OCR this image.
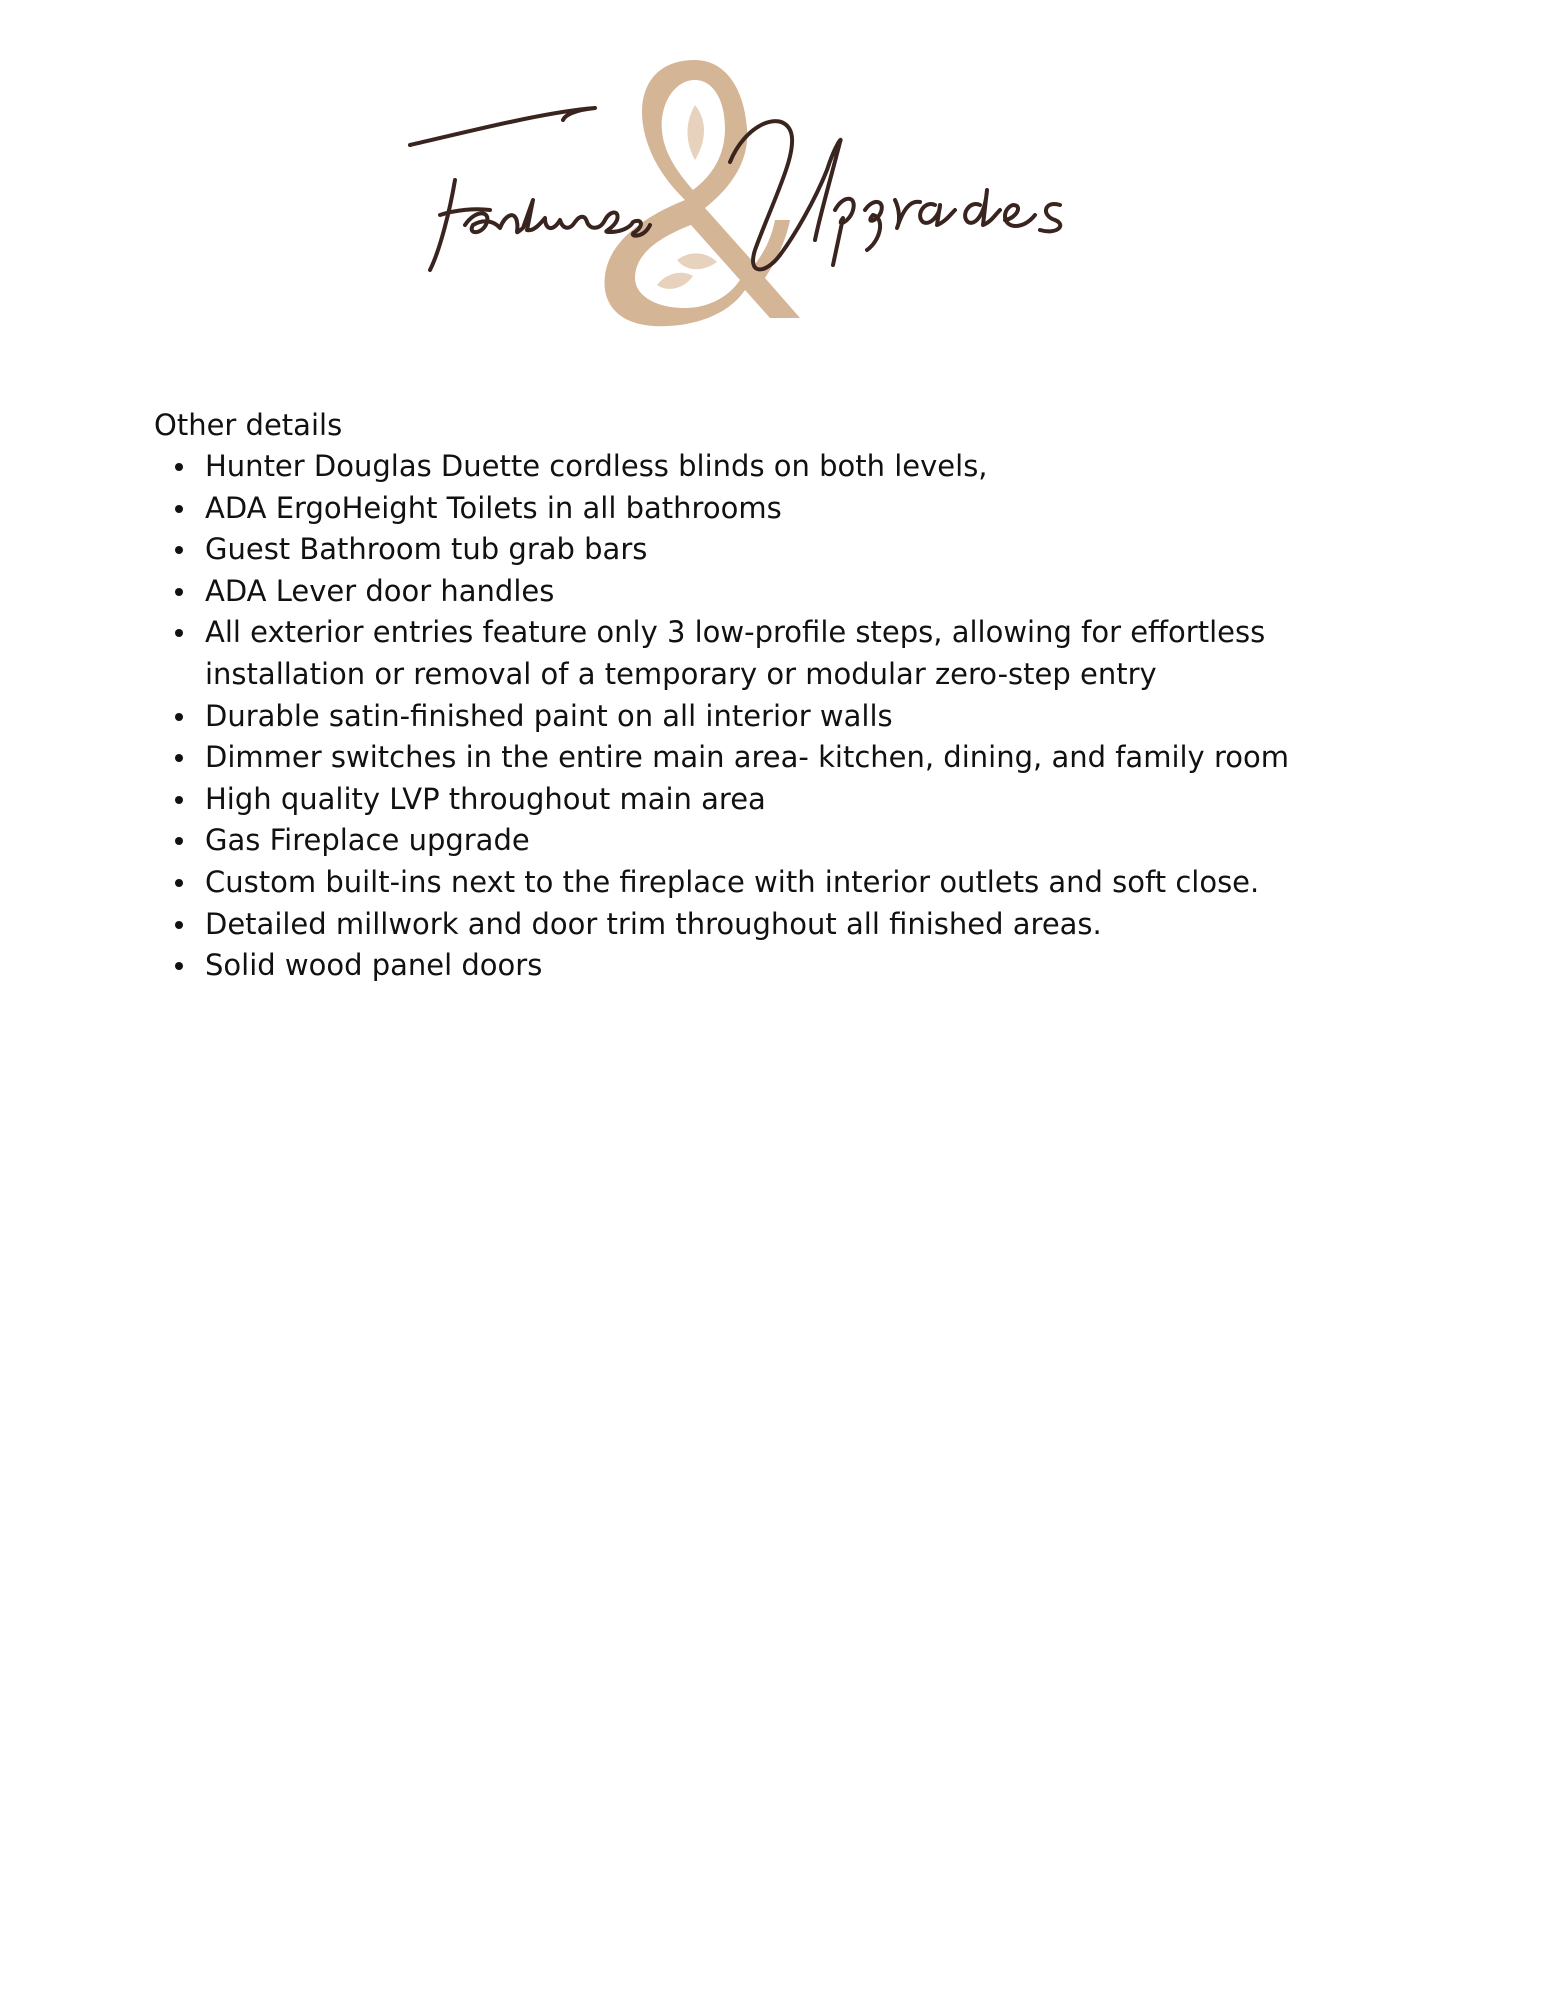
Other details
Hunter Douglas Duette cordless blinds on both levels,
ADA ErgoHeight Toilets in all bathrooms
Guest Bathroom tub grab bars
ADA Lever door handles
All exterior entries feature only 3 low-profile steps, allowing for effortless installation or removal of a temporary or modular zero-step entry
Durable satin-finished paint on all interior walls
Dimmer switches in the entire main area- kitchen, dining, and family room
High quality LVP throughout main area
Gas Fireplace upgrade
Custom built-ins next to the fireplace with interior outlets and soft close.
Detailed millwork and door trim throughout all finished areas.
Solid wood panel doors
